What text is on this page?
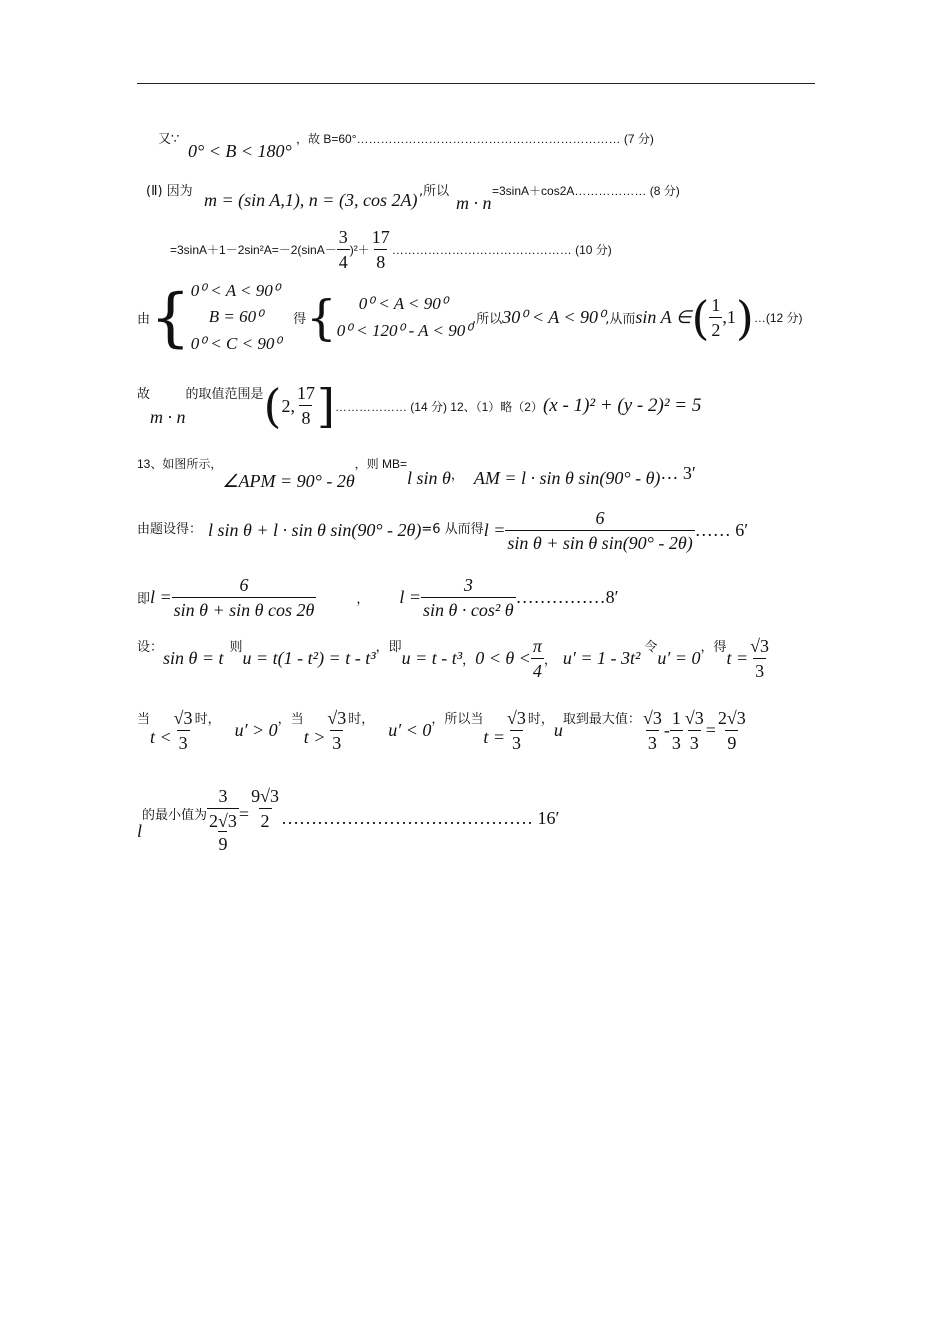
又∵
0° < B < 180°
，故 B=60°………………………………………………………… (7 分)
(Ⅱ) 因为 m = (sin A,1), n = (3, cos 2A) ,所以
m · n
=3sinA＋cos2A……………… (8 分)
$=3\sin A+1-2\sin^2A=-2(\sin A- \frac{3}{4} )^2+ \frac{17}{8}$ ……………………………………… (10 分)
由 { 0⁰ < A < 90⁰
B = 60⁰
0⁰ < C < 90⁰
得 {	0⁰ < A < 90⁰
0⁰ < 120⁰ - A < 90⁰
,所以 30⁰ < A < 90⁰ ,从而 sin A ∈ ( $\frac{1}{2} ,1$ ) …(12 分)
故
m · n
的取值范围是 ( 2, $\frac{17}{8}$ ] ……………… (14 分) 12、（1）略（2） (x - 1)² + (y - 2)² = 5
13、如图所示，
∠APM = 90° - 2θ
，则 MB=
l sin θ ， AM = l · sin θ sin(90° - θ) … 3′
由题设得： l sin θ + l · sin θ sin(90° - 2θ) =6 从而得 $l = \frac{6}{\text{sin θ + sin θ sin(90° - 2θ)}}$ …… 6′
即 $l = \frac{6}{\text{sin θ + sin θ cos 2θ}}$	， $l = \frac{3}{\text{sin θ · cos² θ}}$ ……………8′
设：
sin θ = t
则
u = t(1 - t²) = t - t³
，即
u = t - t³ ， $0 < \theta < \frac{\pi}{4}$ ， u′ = 1 - 3t²
令
u′ = 0
，得
$t = \frac{√3}{3}$
当
$t < \frac{√3}{3}$ 时，
u′ > 0
，当
$t > \frac{√3}{3}$ 时，
u′ < 0
，所以当
$t = \frac{√3}{3}$ 时，
u
取到最大值： $\frac{√3}{3} - \frac{1}{3} \frac{√3}{3} = \frac{2√3}{9}$
l
的最小值为 3
2√3
$9 = \frac{9√3}{2}$ …………………………………… 16′
